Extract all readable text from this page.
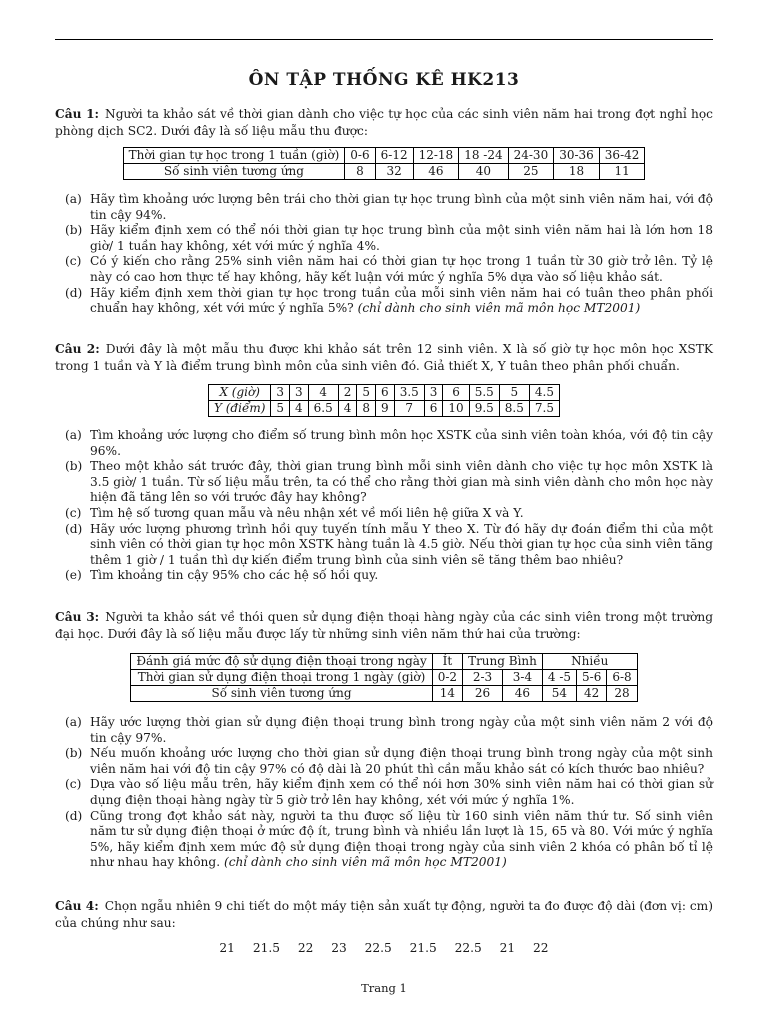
ÔN TẬP THỐNG KÊ HK213

Câu 1: Người ta khảo sát về thời gian dành cho việc tự học của các sinh viên năm hai trong đợt nghỉ học phòng dịch SC2. Dưới đây là số liệu mẫu thu được:

Thời gian tự học trong 1 tuần (giờ)	0-6	6-12	12-18	18 -24	24-30	30-36	36-42
Số sinh viên tương ứng	8	32	46	40	25	18	11
(a) Hãy tìm khoảng ước lượng bên trái cho thời gian tự học trung bình của một sinh viên năm hai, với độ tin cậy 94%.
(b) Hãy kiểm định xem có thể nói thời gian tự học trung bình của một sinh viên năm hai là lớn hơn 18 giờ/ 1 tuần hay không, xét với mức ý nghĩa 4%.
(c) Có ý kiến cho rằng 25% sinh viên năm hai có thời gian tự học trong 1 tuần từ 30 giờ trở lên. Tỷ lệ này có cao hơn thực tế hay không, hãy kết luận với mức ý nghĩa 5% dựa vào số liệu khảo sát.
(d) Hãy kiểm định xem thời gian tự học trong tuần của mỗi sinh viên năm hai có tuân theo phân phối chuẩn hay không, xét với mức ý nghĩa 5%? (chỉ dành cho sinh viên mã môn học MT2001)

Câu 2: Dưới đây là một mẫu thu được khi khảo sát trên 12 sinh viên. X là số giờ tự học môn học XSTK trong 1 tuần và Y là điểm trung bình môn của sinh viên đó. Giả thiết X, Y tuân theo phân phối chuẩn.

X (giờ)	3	3	4	2	5	6	3.5	3	6	5.5	5	4.5
Y (điểm)	5	4	6.5	4	8	9	7	6	10	9.5	8.5	7.5
(a) Tìm khoảng ước lượng cho điểm số trung bình môn học XSTK của sinh viên toàn khóa, với độ tin cậy 96%.
(b) Theo một khảo sát trước đây, thời gian trung bình mỗi sinh viên dành cho việc tự học môn XSTK là 3.5 giờ/ 1 tuần. Từ số liệu mẫu trên, ta có thể cho rằng thời gian mà sinh viên dành cho môn học này hiện đã tăng lên so với trước đây hay không?
(c) Tìm hệ số tương quan mẫu và nêu nhận xét về mối liên hệ giữa X và Y.
(d) Hãy ước lượng phương trình hồi quy tuyến tính mẫu Y theo X. Từ đó hãy dự đoán điểm thi của một sinh viên có thời gian tự học môn XSTK hàng tuần là 4.5 giờ. Nếu thời gian tự học của sinh viên tăng thêm 1 giờ / 1 tuần thì dự kiến điểm trung bình của sinh viên sẽ tăng thêm bao nhiêu?
(e) Tìm khoảng tin cậy 95% cho các hệ số hồi quy.

Câu 3: Người ta khảo sát về thói quen sử dụng điện thoại hàng ngày của các sinh viên trong một trường đại học. Dưới đây là số liệu mẫu được lấy từ những sinh viên năm thứ hai của trường:

Đánh giá mức độ sử dụng điện thoại trong ngày	Ít	Trung Bình		Nhiều		
Thời gian sử dụng điện thoại trong 1 ngày (giờ)	0-2	2-3	3-4	4 -5	5-6	6-8
Số sinh viên tương ứng	14	26	46	54	42	28
(a) Hãy ước lượng thời gian sử dụng điện thoại trung bình trong ngày của một sinh viên năm 2 với độ tin cậy 97%.
(b) Nếu muốn khoảng ước lượng cho thời gian sử dụng điện thoại trung bình trong ngày của một sinh viên năm hai với độ tin cậy 97% có độ dài là 20 phút thì cần mẫu khảo sát có kích thước bao nhiêu?
(c) Dựa vào số liệu mẫu trên, hãy kiểm định xem có thể nói hơn 30% sinh viên năm hai có thời gian sử dụng điện thoại hàng ngày từ 5 giờ trở lên hay không, xét với mức ý nghĩa 1%.
(d) Cũng trong đợt khảo sát này, người ta thu được số liệu từ 160 sinh viên năm thứ tư. Số sinh viên năm tư sử dụng điện thoại ở mức độ ít, trung bình và nhiều lần lượt là 15, 65 và 80. Với mức ý nghĩa 5%, hãy kiểm định xem mức độ sử dụng điện thoại trong ngày của sinh viên 2 khóa có phân bố tỉ lệ như nhau hay không. (chỉ dành cho sinh viên mã môn học MT2001)

Câu 4: Chọn ngẫu nhiên 9 chi tiết do một máy tiện sản xuất tự động, người ta đo được độ dài (đơn vị: cm) của chúng như sau:

21 21.5 22 23 22.5 21.5 22.5 21 22
Trang 1
